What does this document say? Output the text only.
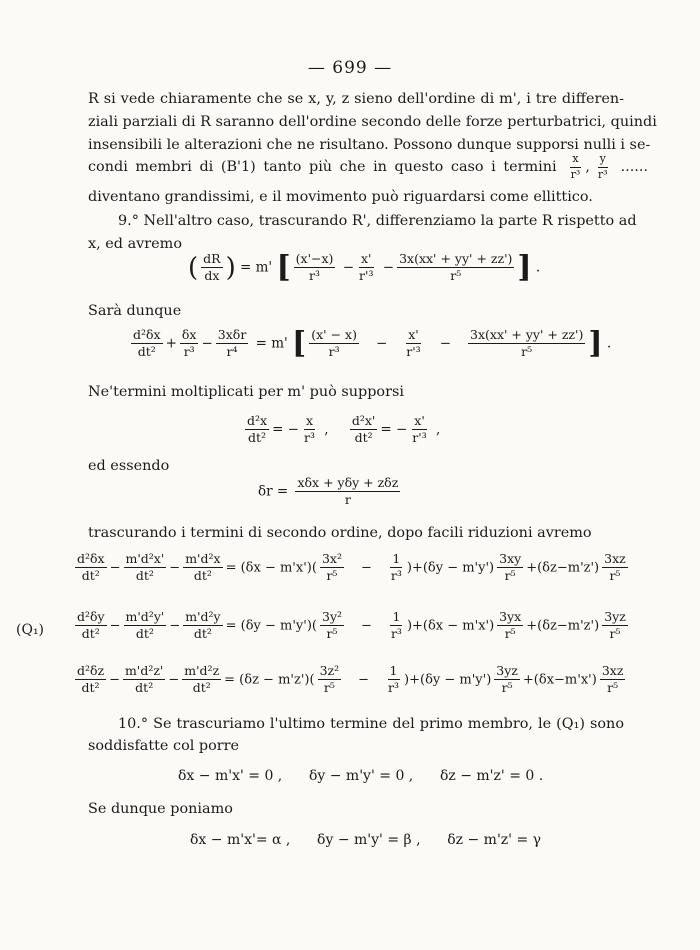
— 699 —
R si vede chiaramente che se x, y, z sieno dell'ordine di m', i tre differen-
ziali parziali di R saranno dell'ordine secondo delle forze perturbatrici, quindi
insensibili le alterazioni che ne risultano. Possono dunque supporsi nulli i se-
condi membri di (B'1) tanto più che in questo caso i termini $\frac{x}{\text{r³}}$ , $\frac{y}{\text{r³}}$ ......
diventano grandissimi, e il movimento può riguardarsi come ellittico.
9.° Nell'altro caso, trascurando R', differenziamo la parte R rispetto ad
x, ed avremo
( $\frac{dR}{dx}$ ) = m' [ $\frac{(x'-x)}{\text{r³}} - \frac{x'}{\text{r'³}} - \frac{3x(xx' + yy' + zz')}{\text{r⁵}}$ ] .
Sarà dunque
$\frac{\text{d²δx}}{\text{dt²}} + \frac{\delta x}{\text{r³}} - \frac{\text{3xδr}}{\text{r⁴}} = m'$ [ $\frac{(x' - x)}{\text{r³}} - \frac{x'}{\text{r'³}} - \frac{3x(xx' + yy' + zz')}{\text{r⁵}}$ ] .
Ne'termini moltiplicati per m' può supporsi
$\frac{\text{d²x}}{\text{dt²}}$ = − $\frac{x}{\text{r³}}$ , $\frac{\text{d²x'}}{\text{dt²}}$ = − $\frac{x'}{\text{r'³}}$ ,
ed essendo
$\delta r = \frac{\text{xδx + yδy + zδz}}{r}$
trascurando i termini di secondo ordine, dopo facili riduzioni avremo
(Q₁)
$\frac{\text{d²δx}}{\text{dt²}} - \frac{\text{m'd²x'}}{\text{dt²}} - \frac{\text{m'd²x}}{\text{dt²}} = (\delta x - m'x')( \frac{\text{3x²}}{\text{r⁵}} - \frac{1}{\text{r³}} )+(\delta y - m'y') \frac{3xy}{\text{r⁵}} +(\delta z-m'z') \frac{3xz}{\text{r⁵}}$
$\frac{\text{d²δy}}{\text{dt²}} - \frac{\text{m'd²y'}}{\text{dt²}} - \frac{\text{m'd²y}}{\text{dt²}} = (\delta y - m'y')( \frac{\text{3y²}}{\text{r⁵}} - \frac{1}{\text{r³}} )+(\delta x - m'x') \frac{3yx}{\text{r⁵}} +(\delta z-m'z') \frac{3yz}{\text{r⁵}}$
$\frac{\text{d²δz}}{\text{dt²}} - \frac{\text{m'd²z'}}{\text{dt²}} - \frac{\text{m'd²z}}{\text{dt²}} = (\delta z - m'z')( \frac{\text{3z²}}{\text{r⁵}} - \frac{1}{\text{r³}} )+(\delta y - m'y') \frac{3yz}{\text{r⁵}} +(\delta x-m'x') \frac{3xz}{\text{r⁵}}$
10.° Se trascuriamo l'ultimo termine del primo membro, le (Q₁) sono
soddisfatte col porre
δx − m'x' = 0 ,      δy − m'y' = 0 ,      δz − m'z' = 0 .
Se dunque poniamo
δx − m'x'= α ,      δy − m'y' = β ,      δz − m'z' = γ
